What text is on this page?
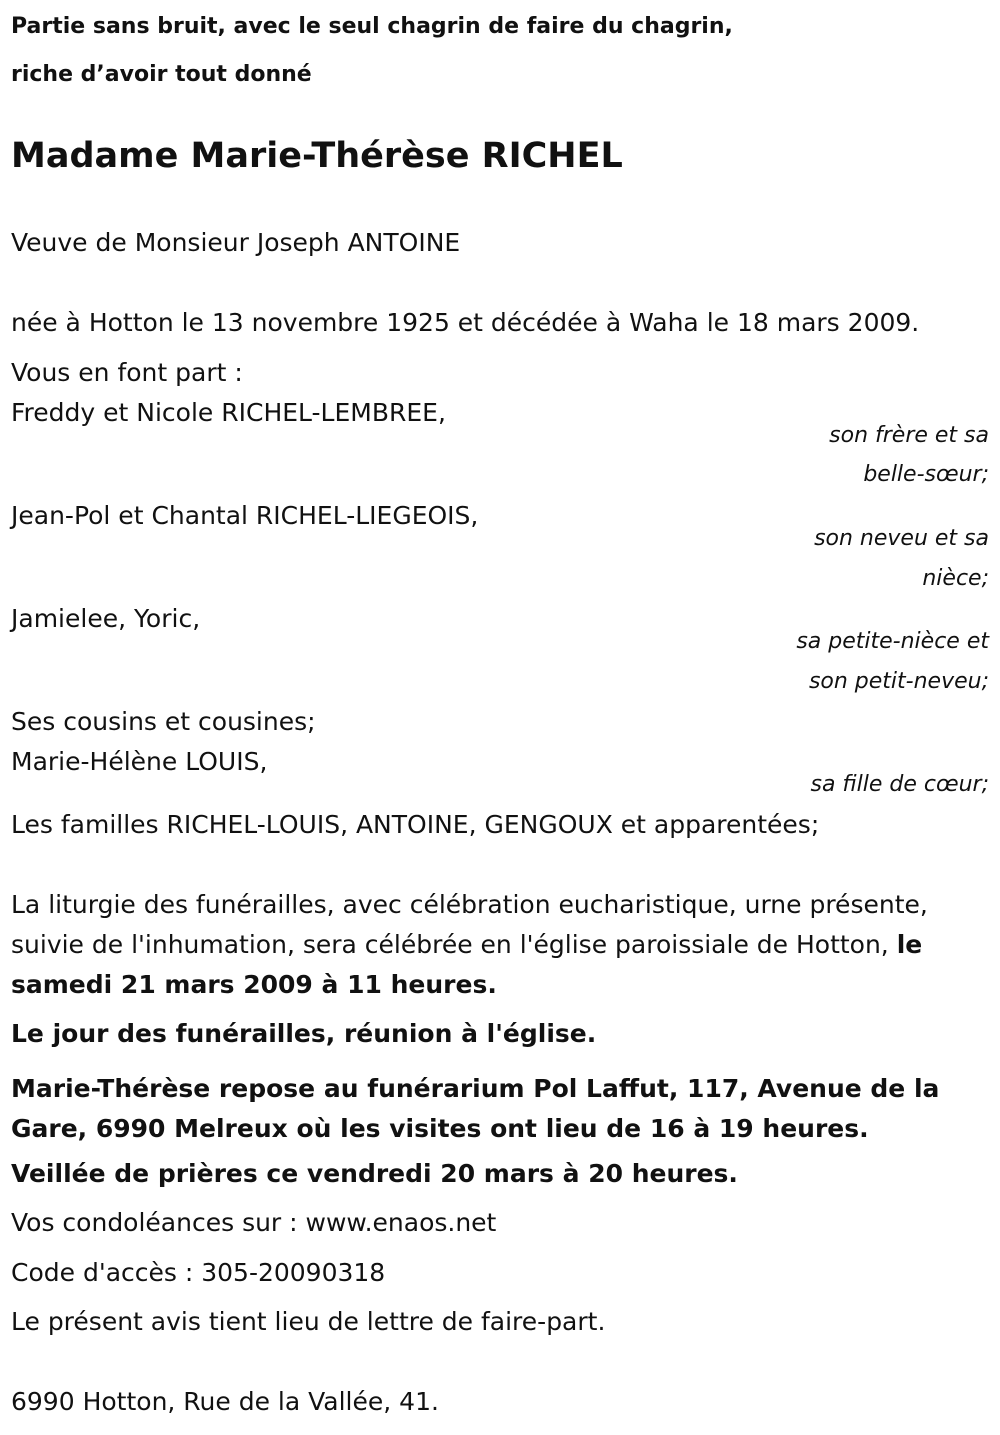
Partie sans bruit, avec le seul chagrin de faire du chagrin,
riche d’avoir tout donné
Madame Marie-Thérèse RICHEL
Veuve de Monsieur Joseph ANTOINE
née à Hotton le 13 novembre 1925 et décédée à Waha le 18 mars 2009.
Vous en font part :
Freddy et Nicole RICHEL-LEMBREE,
son frère et sa
belle-sœur;
Jean-Pol et Chantal RICHEL-LIEGEOIS,
son neveu et sa
nièce;
Jamielee, Yoric,
sa petite-nièce et
son petit-neveu;
Ses cousins et cousines;
Marie-Hélène LOUIS,
sa fille de cœur;
Les familles RICHEL-LOUIS, ANTOINE, GENGOUX et apparentées;
La liturgie des funérailles, avec célébration eucharistique, urne présente, suivie de l'inhumation, sera célébrée en l'église paroissiale de Hotton, le samedi 21 mars 2009 à 11 heures.
Le jour des funérailles, réunion à l'église.
Marie-Thérèse repose au funérarium Pol Laffut, 117, Avenue de la Gare, 6990 Melreux où les visites ont lieu de 16 à 19 heures.
Veillée de prières ce vendredi 20 mars à 20 heures.
Vos condoléances sur : www.enaos.net
Code d'accès : 305-20090318
Le présent avis tient lieu de lettre de faire-part.
6990 Hotton, Rue de la Vallée, 41.
